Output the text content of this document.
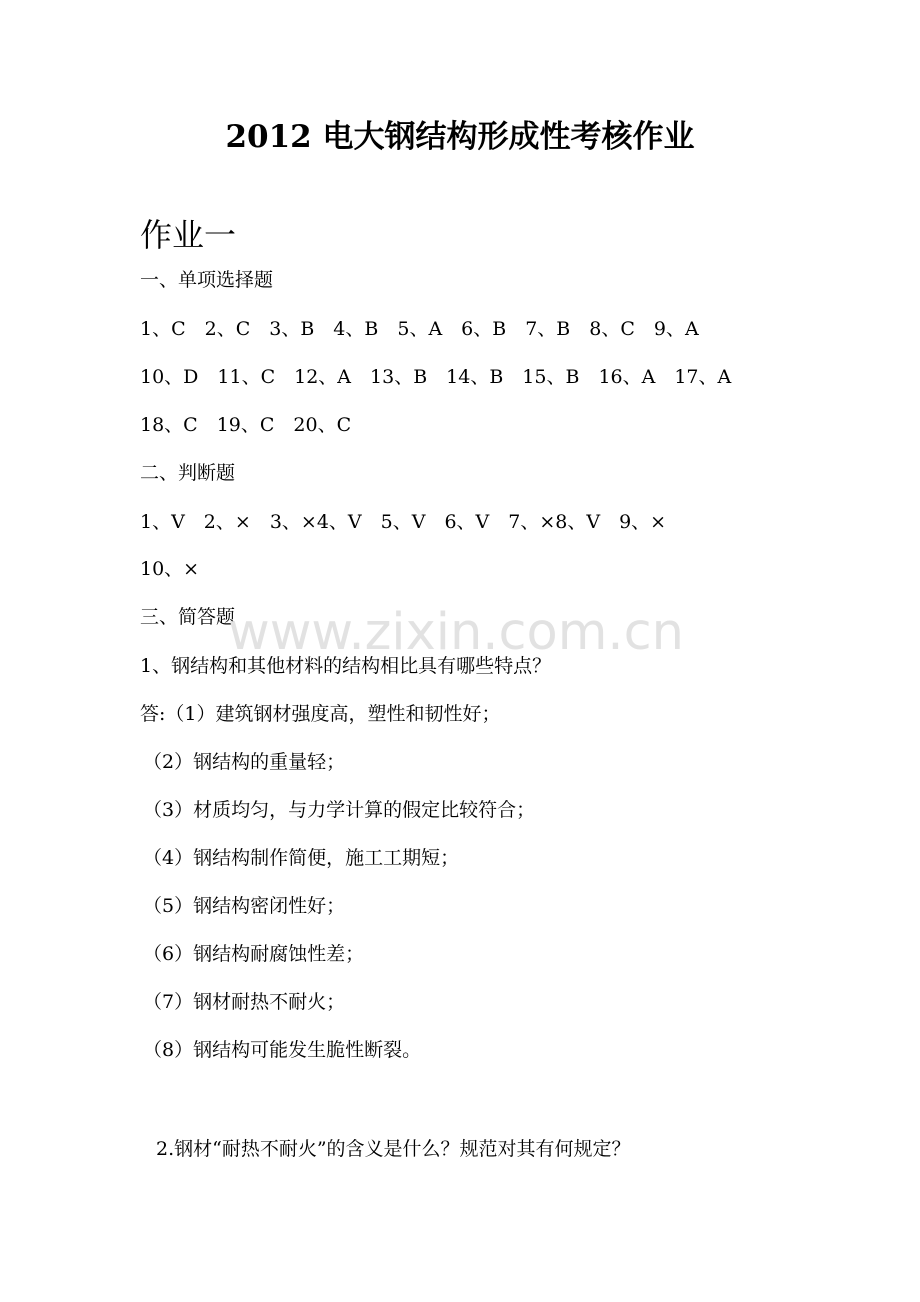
2012 电大钢结构形成性考核作业
作业一
一、单项选择题
1、C　2、C　3、B　4、B　5、A　6、B　7、B　8、C　9、A
10、D　11、C　12、A　13、B　14、B　15、B　16、A　17、A
18、C　19、C　20、C
二、判断题
1、V　2、×　3、×4、V　5、V　6、V　7、×8、V　9、×
10、×
三、简答题
1、钢结构和其他材料的结构相比具有哪些特点？
答:（1）建筑钢材强度高，塑性和韧性好；
（2）钢结构的重量轻；
（3）材质均匀，与力学计算的假定比较符合；
（4）钢结构制作简便，施工工期短；
（5）钢结构密闭性好；
（6）钢结构耐腐蚀性差；
（7）钢材耐热不耐火；
（8）钢结构可能发生脆性断裂。
2.钢材“耐热不耐火”的含义是什么？规范对其有何规定？
www.zixin.com.cn
